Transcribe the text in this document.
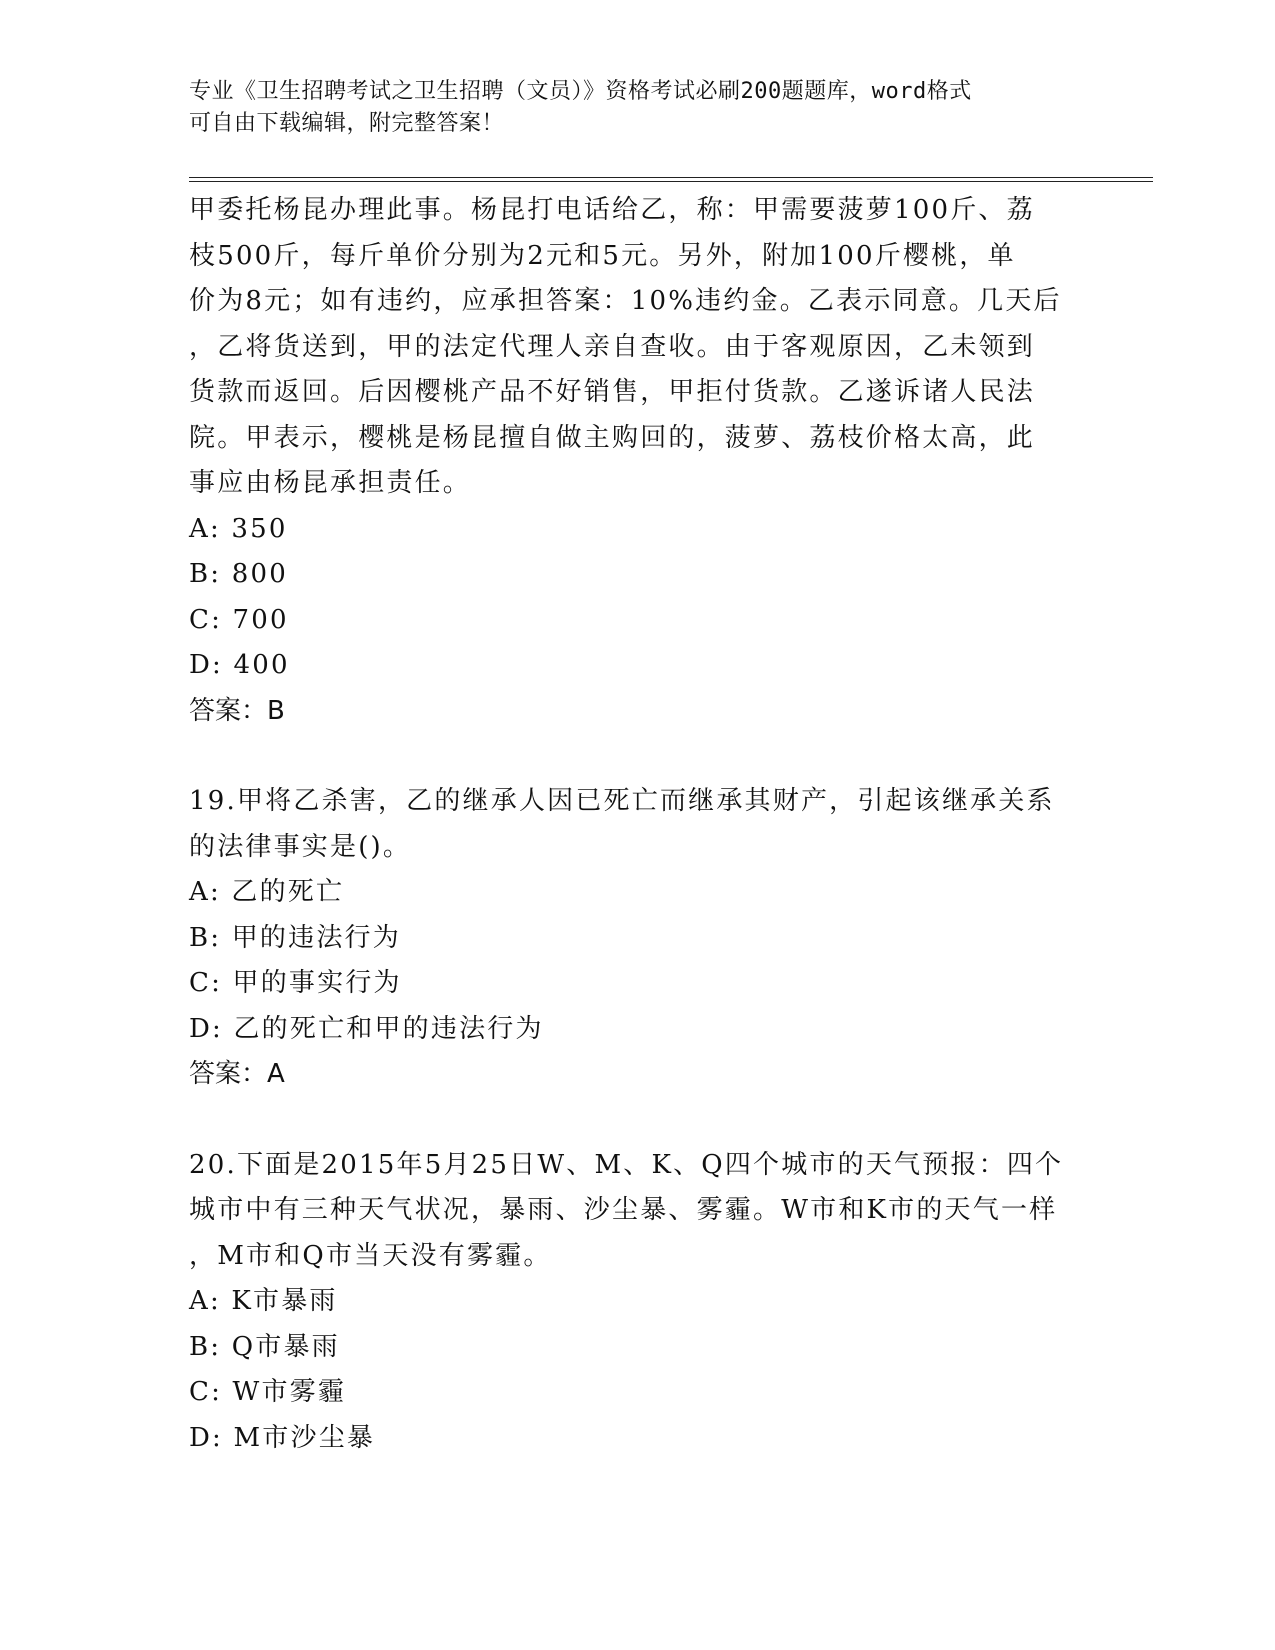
专业《卫生招聘考试之卫生招聘（文员）》资格考试必刷200题题库，word格式
可自由下载编辑，附完整答案！

甲委托杨昆办理此事。杨昆打电话给乙，称：甲需要菠萝100斤、荔

枝500斤，每斤单价分别为2元和5元。另外，附加100斤樱桃，单

价为8元；如有违约，应承担答案：10%违约金。乙表示同意。几天后

，乙将货送到，甲的法定代理人亲自查收。由于客观原因，乙未领到

货款而返回。后因樱桃产品不好销售，甲拒付货款。乙遂诉诸人民法

院。甲表示，樱桃是杨昆擅自做主购回的，菠萝、荔枝价格太高，此

事应由杨昆承担责任。

A: 350

B: 800

C: 700

D: 400

答案：B

19.甲将乙杀害，乙的继承人因已死亡而继承其财产，引起该继承关系

的法律事实是()。

A: 乙的死亡

B: 甲的违法行为

C: 甲的事实行为

D: 乙的死亡和甲的违法行为

答案：A

20.下面是2015年5月25日W、M、K、Q四个城市的天气预报：四个

城市中有三种天气状况，暴雨、沙尘暴、雾霾。W市和K市的天气一样

，M市和Q市当天没有雾霾。

A: K市暴雨

B: Q市暴雨

C: W市雾霾

D: M市沙尘暴
